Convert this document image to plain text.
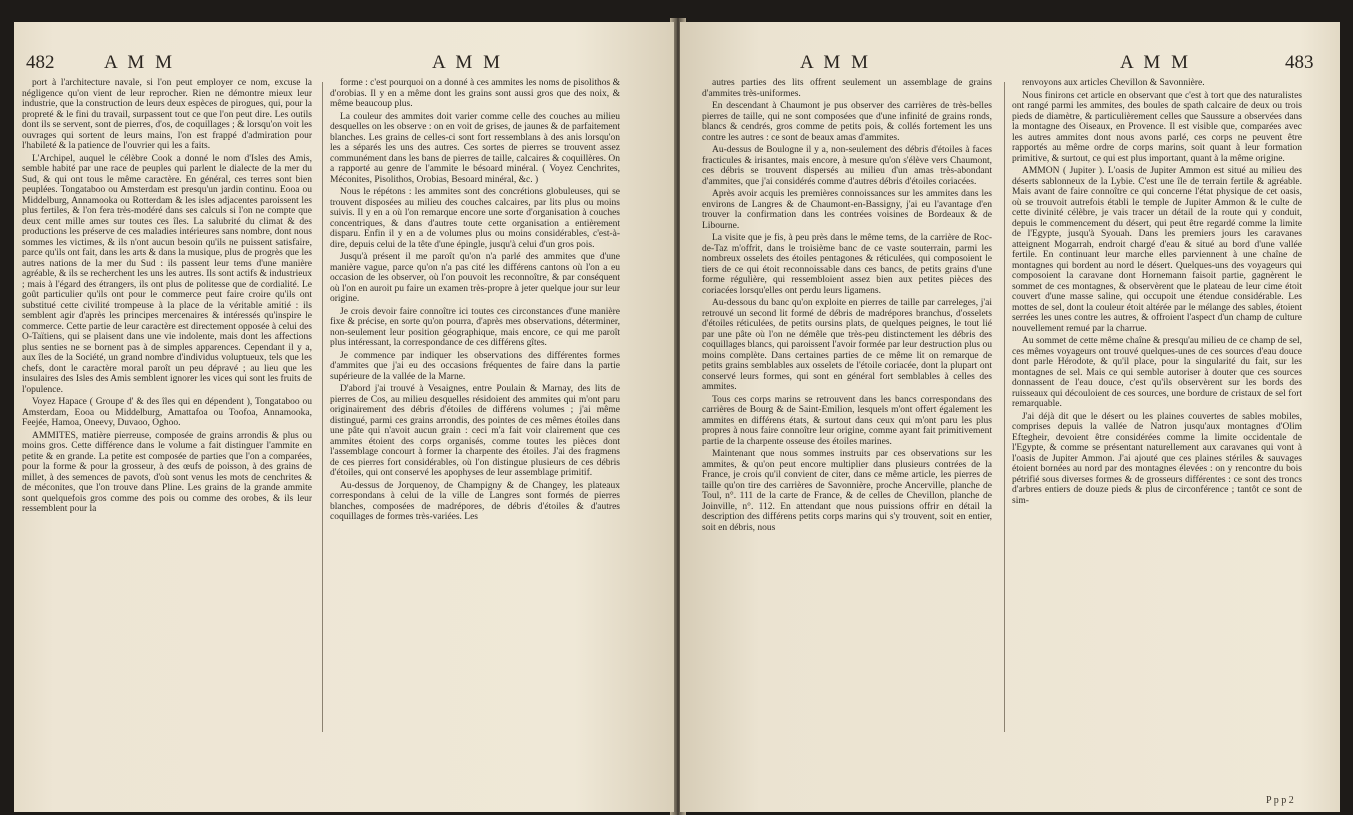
482	A M M	A M M

port à l'architecture navale, si l'on peut employer ce nom, excuse la négligence qu'on vient de leur reprocher. Rien ne démontre mieux leur industrie, que la construction de leurs deux espèces de pirogues, qui, pour la propreté & le fini du travail, surpassent tout ce que l'on peut dire. Les outils dont ils se servent, sont de pierres, d'os, de coquillages ; & lorsqu'on voit les ouvrages qui sortent de leurs mains, l'on est frappé d'admiration pour l'habileté & la patience de l'ouvrier qui les a faits.

L'Archipel, auquel le célèbre Cook a donné le nom d'Isles des Amis, semble habité par une race de peuples qui parlent le dialecte de la mer du Sud, & qui ont tous le même caractère. En général, ces terres sont bien peuplées. Tongataboo ou Amsterdam est presqu'un jardin continu. Eooa ou Middelburg, Annamooka ou Rotterdam & les isles adjacentes paroissent les plus fertiles, & l'on fera très-modéré dans ses calculs si l'on ne compte que deux cent mille ames sur toutes ces îles. La salubrité du climat & des productions les préserve de ces maladies intérieures sans nombre, dont nous sommes les victimes, & ils n'ont aucun besoin qu'ils ne puissent satisfaire, parce qu'ils ont fait, dans les arts & dans la musique, plus de progrès que les autres nations de la mer du Sud : ils passent leur tems d'une manière agréable, & ils se recherchent les uns les autres. Ils sont actifs & industrieux ; mais à l'égard des étrangers, ils ont plus de politesse que de cordialité. Le goût particulier qu'ils ont pour le commerce peut faire croire qu'ils ont substitué cette civilité trompeuse à la place de la véritable amitié : ils semblent agir d'après les principes mercenaires & intéressés qu'inspire le commerce. Cette partie de leur caractère est directement opposée à celui des O-Taïtiens, qui se plaisent dans une vie indolente, mais dont les affections plus senties ne se bornent pas à de simples apparences. Cependant il y a, aux îles de la Société, un grand nombre d'individus voluptueux, tels que les chefs, dont le caractère moral paroît un peu dépravé ; au lieu que les insulaires des Isles des Amis semblent ignorer les vices qui sont les fruits de l'opulence.

Voyez Hapace ( Groupe d' & des îles qui en dépendent ), Tongataboo ou Amsterdam, Eooa ou Middelburg, Amattafoa ou Toofoa, Annamooka, Feejée, Hamoa, Oneevy, Duvaoo, Oghoo.

AMMITES, matière pierreuse, composée de grains arrondis & plus ou moins gros. Cette différence dans le volume a fait distinguer l'ammite en petite & en grande. La petite est composée de parties que l'on a comparées, pour la forme & pour la grosseur, à des œufs de poisson, à des grains de millet, à des semences de pavots, d'où sont venus les mots de cenchrites & de méconites, que l'on trouve dans Pline. Les grains de la grande ammite sont quelquefois gros comme des pois ou comme des orobes, & ils leur ressemblent pour la

forme : c'est pourquoi on a donné à ces ammites les noms de pisolithos & d'orobias. Il y en a même dont les grains sont aussi gros que des noix, & même beaucoup plus.

La couleur des ammites doit varier comme celle des couches au milieu desquelles on les observe : on en voit de grises, de jaunes & de parfaitement blanches. Les grains de celles-ci sont fort ressemblans à des anis lorsqu'on les a séparés les uns des autres. Ces sortes de pierres se trouvent assez communément dans les bans de pierres de taille, calcaires & coquillères. On a rapporté au genre de l'ammite le bésoard minéral. ( Voyez Cenchrites, Méconites, Pisolithos, Orobias, Besoard minéral, &c. )

Nous le répétons : les ammites sont des concrétions globuleuses, qui se trouvent disposées au milieu des couches calcaires, par lits plus ou moins suivis. Il y en a où l'on remarque encore une sorte d'organisation à couches concentriques, & dans d'autres toute cette organisation a entièrement disparu. Enfin il y en a de volumes plus ou moins considérables, c'est-à-dire, depuis celui de la tête d'une épingle, jusqu'à celui d'un gros pois.

Jusqu'à présent il me paroît qu'on n'a parlé des ammites que d'une manière vague, parce qu'on n'a pas cité les différens cantons où l'on a eu occasion de les observer, où l'on pouvoit les reconnoître, & par conséquent où l'on en auroit pu faire un examen très-propre à jeter quelque jour sur leur origine.

Je crois devoir faire connoître ici toutes ces circonstances d'une manière fixe & précise, en sorte qu'on pourra, d'après mes observations, déterminer, non-seulement leur position géographique, mais encore, ce qui me paroît plus intéressant, la correspondance de ces différens gîtes.

Je commence par indiquer les observations des différentes formes d'ammites que j'ai eu des occasions fréquentes de faire dans la partie supérieure de la vallée de la Marne.

D'abord j'ai trouvé à Vesaignes, entre Poulain & Marnay, des lits de pierres de Cos, au milieu desquelles résidoient des ammites qui m'ont paru originairement des débris d'étoiles de différens volumes ; j'ai même distingué, parmi ces grains arrondis, des pointes de ces mêmes étoiles dans une pâte qui n'avoit aucun grain : ceci m'a fait voir clairement que ces ammites étoient des corps organisés, comme toutes les pièces dont l'assemblage concourt à former la charpente des étoiles. J'ai des fragmens de ces pierres fort considérables, où l'on distingue plusieurs de ces débris d'étoiles, qui ont conservé les apophyses de leur assemblage primitif.

Au-dessus de Jorquenoy, de Champigny & de Changey, les plateaux correspondans à celui de la ville de Langres sont formés de pierres blanches, composées de madrépores, de débris d'étoiles & d'autres coquillages de formes très-variées. Les

A M M	A M M	483

autres parties des lits offrent seulement un assemblage de grains d'ammites très-uniformes.

En descendant à Chaumont je pus observer des carrières de très-belles pierres de taille, qui ne sont composées que d'une infinité de grains ronds, blancs & cendrés, gros comme de petits pois, & collés fortement les uns contre les autres : ce sont de beaux amas d'ammites.

Au-dessus de Boulogne il y a, non-seulement des débris d'étoiles à faces fracticules & irisantes, mais encore, à mesure qu'on s'élève vers Chaumont, ces débris se trouvent dispersés au milieu d'un amas très-abondant d'ammites, que j'ai considérés comme d'autres débris d'étoiles coriacées.

Après avoir acquis les premières connoissances sur les ammites dans les environs de Langres & de Chaumont-en-Bassigny, j'ai eu l'avantage d'en trouver la confirmation dans les contrées voisines de Bordeaux & de Libourne.

La visite que je fis, à peu près dans le même tems, de la carrière de Roc-de-Taz m'offrit, dans le troisième banc de ce vaste souterrain, parmi les nombreux osselets des étoiles pentagones & réticulées, qui composoient le tiers de ce qui étoit reconnoissable dans ces bancs, de petits grains d'une forme régulière, qui ressembloient assez bien aux petites pièces des coriacées lorsqu'elles ont perdu leurs ligamens.

Au-dessous du banc qu'on exploite en pierres de taille par carreleges, j'ai retrouvé un second lit formé de débris de madrépores branchus, d'osselets d'étoiles réticulées, de petits oursins plats, de quelques peignes, le tout lié par une pâte où l'on ne démêle que très-peu distinctement les débris des coquillages blancs, qui paroissent l'avoir formée par leur destruction plus ou moins complète. Dans certaines parties de ce même lit on remarque de petits grains semblables aux osselets de l'étoile coriacée, dont la plupart ont conservé leurs formes, qui sont en général fort semblables à celles des ammites.

Tous ces corps marins se retrouvent dans les bancs correspondans des carrières de Bourg & de Saint-Emilion, lesquels m'ont offert également les ammites en différens états, & surtout dans ceux qui m'ont paru les plus propres à nous faire connoître leur origine, comme ayant fait primitivement partie de la charpente osseuse des étoiles marines.

Maintenant que nous sommes instruits par ces observations sur les ammites, & qu'on peut encore multiplier dans plusieurs contrées de la France, je crois qu'il convient de citer, dans ce même article, les pierres de taille qu'on tire des carrières de Savonnière, proche Ancerville, planche de Toul, n°. 111 de la carte de France, & de celles de Chevillon, planche de Joinville, n°. 112. En attendant que nous puissions offrir en détail la description des différens petits corps marins qui s'y trouvent, soit en entier, soit en débris, nous

renvoyons aux articles Chevillon & Savonnière.

Nous finirons cet article en observant que c'est à tort que des naturalistes ont rangé parmi les ammites, des boules de spath calcaire de deux ou trois pieds de diamètre, & particulièrement celles que Saussure a observées dans la montagne des Oiseaux, en Provence. Il est visible que, comparées avec les autres ammites dont nous avons parlé, ces corps ne peuvent être rapportés au même ordre de corps marins, soit quant à leur formation primitive, & surtout, ce qui est plus important, quant à la même origine.

AMMON ( Jupiter ). L'oasis de Jupiter Ammon est situé au milieu des déserts sablonneux de la Lybie. C'est une île de terrain fertile & agréable. Mais avant de faire connoître ce qui concerne l'état physique de cet oasis, où se trouvoit autrefois établi le temple de Jupiter Ammon & le culte de cette divinité célèbre, je vais tracer un détail de la route qui y conduit, depuis le commencement du désert, qui peut être regardé comme la limite de l'Egypte, jusqu'à Syouah. Dans les premiers jours les caravanes atteignent Mogarrah, endroit chargé d'eau & situé au bord d'une vallée fertile. En continuant leur marche elles parviennent à une chaîne de montagnes qui bordent au nord le désert. Quelques-uns des voyageurs qui composoient la caravane dont Hornemann faisoit partie, gagnèrent le sommet de ces montagnes, & observèrent que le plateau de leur cime étoit couvert d'une masse saline, qui occupoit une étendue considérable. Les mottes de sel, dont la couleur étoit altérée par le mélange des sables, étoient serrées les unes contre les autres, & offroient l'aspect d'un champ de culture nouvellement remué par la charrue.

Au sommet de cette même chaîne & presqu'au milieu de ce champ de sel, ces mêmes voyageurs ont trouvé quelques-unes de ces sources d'eau douce dont parle Hérodote, & qu'il place, pour la singularité du fait, sur les montagnes de sel. Mais ce qui semble autoriser à douter que ces sources donnassent de l'eau douce, c'est qu'ils observèrent sur les bords des ruisseaux qui découloient de ces sources, une bordure de cristaux de sel fort remarquable.

J'ai déjà dit que le désert ou les plaines couvertes de sables mobiles, comprises depuis la vallée de Natron jusqu'aux montagnes d'Olim Eftegheir, devoient être considérées comme la limite occidentale de l'Egypte, & comme se présentant naturellement aux caravanes qui vont à l'oasis de Jupiter Ammon. J'ai ajouté que ces plaines stériles & sauvages étoient bornées au nord par des montagnes élevées : on y rencontre du bois pétrifié sous diverses formes & de grosseurs différentes : ce sont des troncs d'arbres entiers de douze pieds & plus de circonférence ; tantôt ce sont de sim-

P p p 2
